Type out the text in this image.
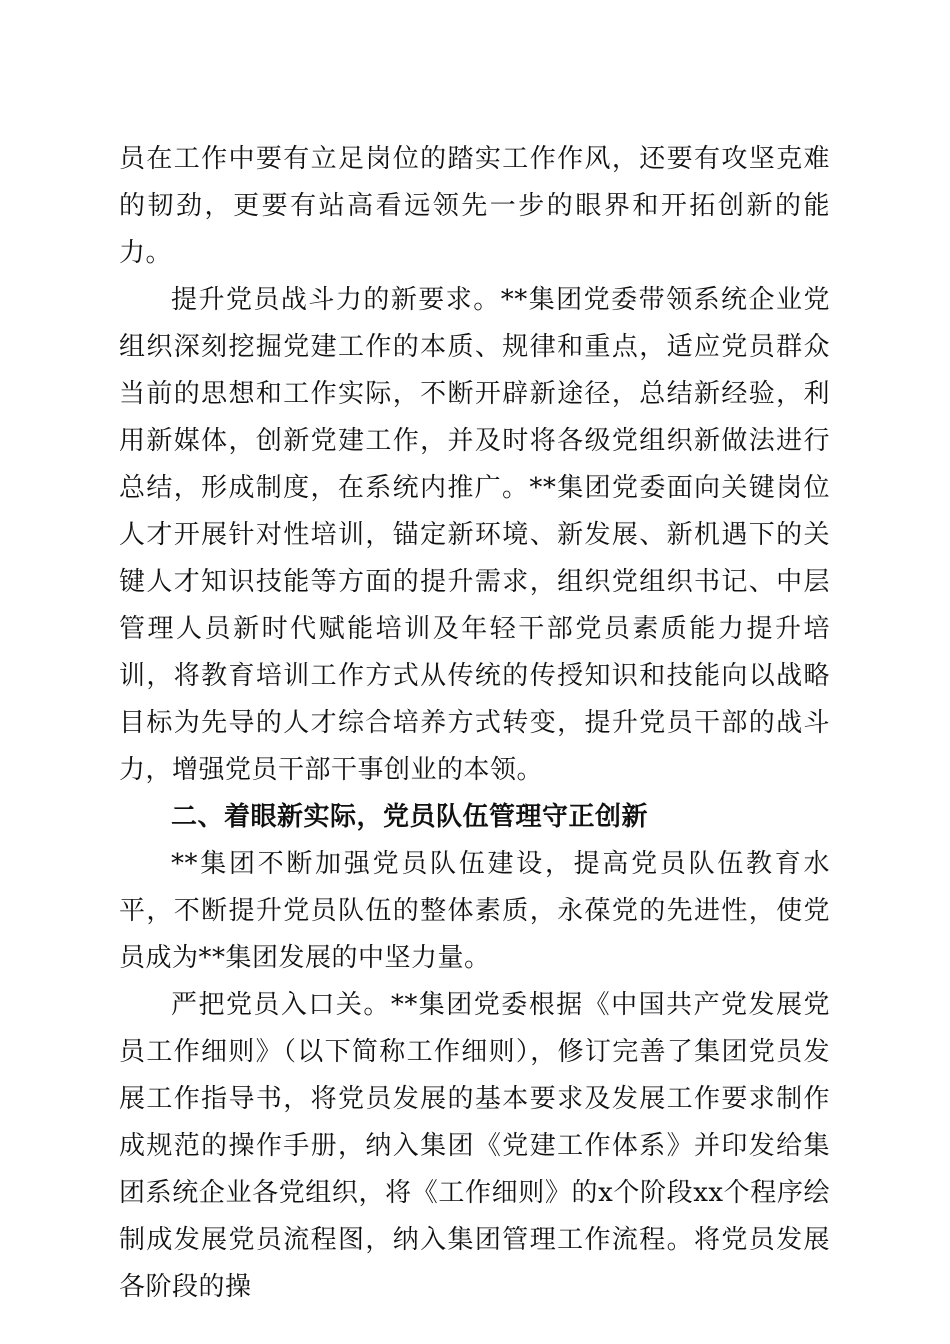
员在工作中要有立足岗位的踏实工作作风，还要有攻坚克难的韧劲，更要有站高看远领先一步的眼界和开拓创新的能力。

提升党员战斗力的新要求。**集团党委带领系统企业党组织深刻挖掘党建工作的本质、规律和重点，适应党员群众当前的思想和工作实际，不断开辟新途径，总结新经验，利用新媒体，创新党建工作，并及时将各级党组织新做法进行总结，形成制度，在系统内推广。**集团党委面向关键岗位人才开展针对性培训，锚定新环境、新发展、新机遇下的关键人才知识技能等方面的提升需求，组织党组织书记、中层管理人员新时代赋能培训及年轻干部党员素质能力提升培训，将教育培训工作方式从传统的传授知识和技能向以战略目标为先导的人才综合培养方式转变，提升党员干部的战斗力，增强党员干部干事创业的本领。

二、着眼新实际，党员队伍管理守正创新

**集团不断加强党员队伍建设，提高党员队伍教育水平，不断提升党员队伍的整体素质，永葆党的先进性，使党员成为**集团发展的中坚力量。

严把党员入口关。**集团党委根据《中国共产党发展党员工作细则》（以下简称工作细则），修订完善了集团党员发展工作指导书，将党员发展的基本要求及发展工作要求制作成规范的操作手册，纳入集团《党建工作体系》并印发给集团系统企业各党组织，将《工作细则》的x个阶段xx个程序绘制成发展党员流程图，纳入集团管理工作流程。将党员发展各阶段的操
